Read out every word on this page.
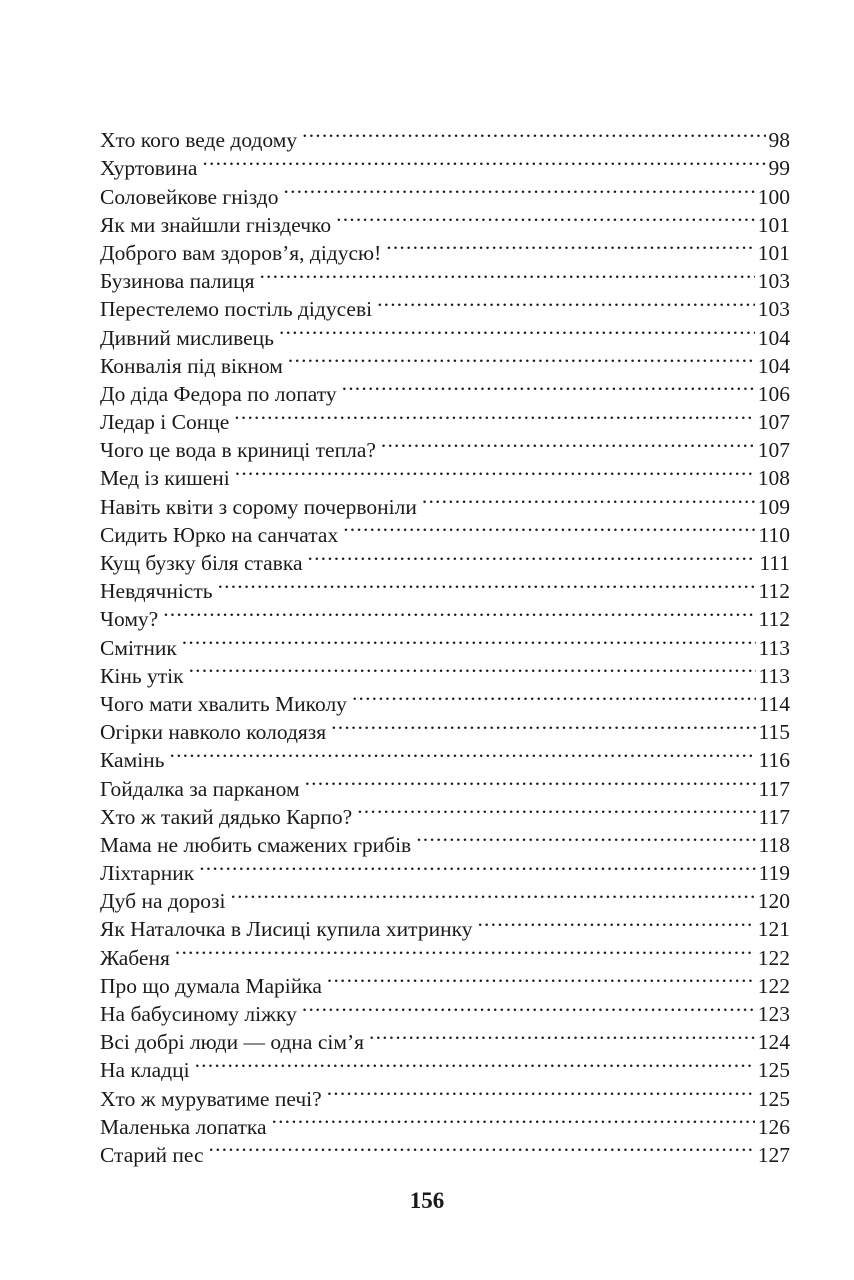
Хто кого веде додому .....	98
Хуртовина .....	99
Соловейкове гніздо .....	100
Як ми знайшли гніздечко .....	101
Доброго вам здоров’я, дідусю! .....	101
Бузинова палиця .....	103
Перестелемо постіль дідусеві .....	103
Дивний мисливець .....	104
Конвалія під вікном .....	104
До діда Федора по лопату .....	106
Ледар і Сонце .....	107
Чого це вода в криниці тепла? .....	107
Мед із кишені .....	108
Навіть квіти з сорому почервоніли .....	109
Сидить Юрко на санчатах .....	110
Кущ бузку біля ставка .....	111
Невдячність .....	112
Чому? .....	112
Смітник .....	113
Кінь утік .....	113
Чого мати хвалить Миколу .....	114
Огірки навколо колодязя .....	115
Камінь .....	116
Гойдалка за парканом .....	117
Хто ж такий дядько Карпо? .....	117
Мама не любить смажених грибів .....	118
Ліхтарник .....	119
Дуб на дорозі .....	120
Як Наталочка в Лисиці купила хитринку .....	121
Жабеня .....	122
Про що думала Марійка .....	122
На бабусиному ліжку .....	123
Всі добрі люди — одна сім’я .....	124
На кладці .....	125
Хто ж муруватиме печі? .....	125
Маленька лопатка .....	126
Старий пес .....	127
156
